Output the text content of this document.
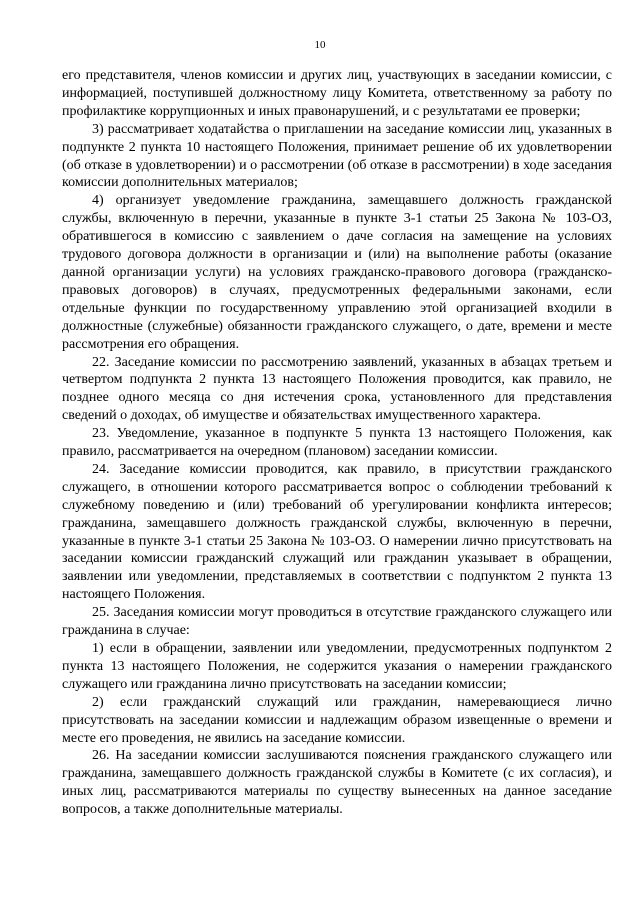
10

его представителя, членов комиссии и других лиц, участвующих в заседании комиссии, с информацией, поступившей должностному лицу Комитета, ответственному за работу по профилактике коррупционных и иных правонарушений, и с результатами ее проверки;

3) рассматривает ходатайства о приглашении на заседание комиссии лиц, указанных в подпункте 2 пункта 10 настоящего Положения, принимает решение об их удовлетворении (об отказе в удовлетворении) и о рассмотрении (об отказе в рассмотрении) в ходе заседания комиссии дополнительных материалов;

4) организует уведомление гражданина, замещавшего должность гражданской службы, включенную в перечни, указанные в пункте 3-1 статьи 25 Закона № 103-ОЗ, обратившегося в комиссию с заявлением о даче согласия на замещение на условиях трудового договора должности в организации и (или) на выполнение работы (оказание данной организации услуги) на условиях гражданско-правового договора (гражданско-правовых договоров) в случаях, предусмотренных федеральными законами, если отдельные функции по государственному управлению этой организацией входили в должностные (служебные) обязанности гражданского служащего, о дате, времени и месте рассмотрения его обращения.

22. Заседание комиссии по рассмотрению заявлений, указанных в абзацах третьем и четвертом подпункта 2 пункта 13 настоящего Положения проводится, как правило, не позднее одного месяца со дня истечения срока, установленного для представления сведений о доходах, об имуществе и обязательствах имущественного характера.

23. Уведомление, указанное в подпункте 5 пункта 13 настоящего Положения, как правило, рассматривается на очередном (плановом) заседании комиссии.

24. Заседание комиссии проводится, как правило, в присутствии гражданского служащего, в отношении которого рассматривается вопрос о соблюдении требований к служебному поведению и (или) требований об урегулировании конфликта интересов; гражданина, замещавшего должность гражданской службы, включенную в перечни, указанные в пункте 3-1 статьи 25 Закона № 103-ОЗ. О намерении лично присутствовать на заседании комиссии гражданский служащий или гражданин указывает в обращении, заявлении или уведомлении, представляемых в соответствии с подпунктом 2 пункта 13 настоящего Положения.

25. Заседания комиссии могут проводиться в отсутствие гражданского служащего или гражданина в случае:

1) если в обращении, заявлении или уведомлении, предусмотренных подпунктом 2 пункта 13 настоящего Положения, не содержится указания о намерении гражданского служащего или гражданина лично присутствовать на заседании комиссии;

2) если гражданский служащий или гражданин, намеревающиеся лично присутствовать на заседании комиссии и надлежащим образом извещенные о времени и месте его проведения, не явились на заседание комиссии.

26. На заседании комиссии заслушиваются пояснения гражданского служащего или гражданина, замещавшего должность гражданской службы в Комитете (с их согласия), и иных лиц, рассматриваются материалы по существу вынесенных на данное заседание вопросов, а также дополнительные материалы.
